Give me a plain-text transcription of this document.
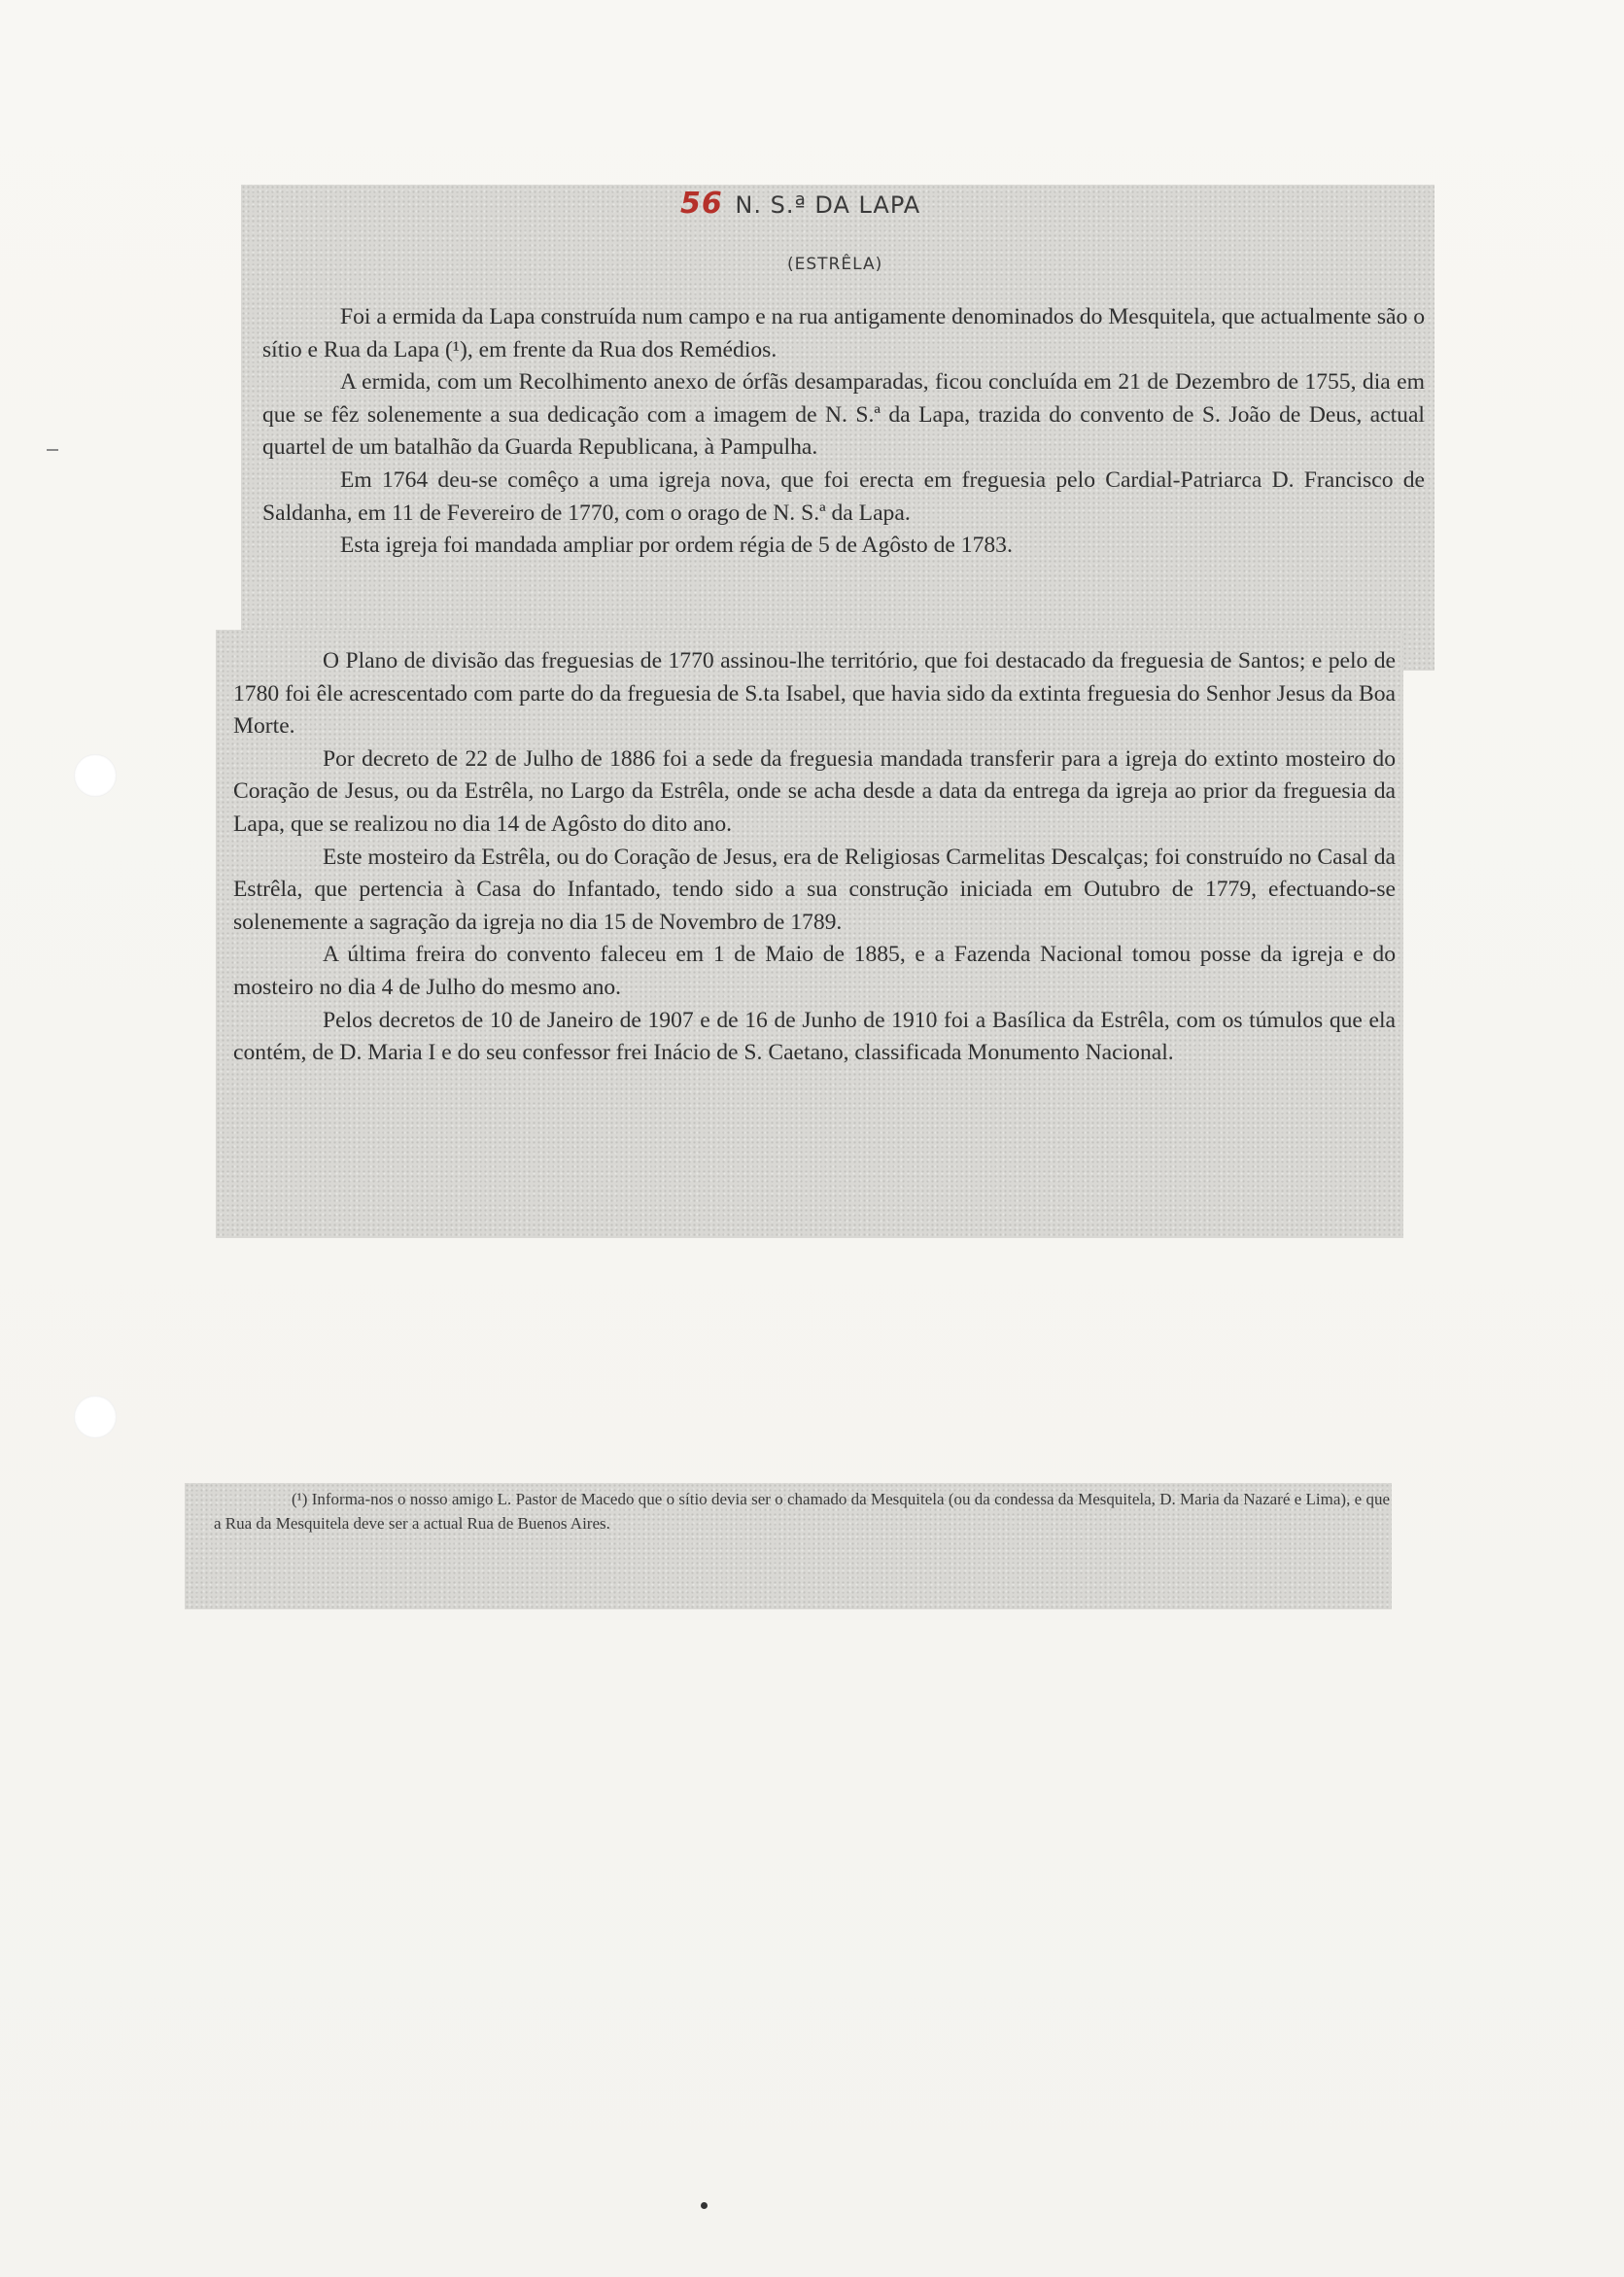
56 N. S.ª DA LAPA
(ESTRÊLA)

Foi a ermida da Lapa construída num campo e na rua antigamente denominados do Mesquitela, que actualmente são o sítio e Rua da Lapa (¹), em frente da Rua dos Remédios.

A ermida, com um Recolhimento anexo de órfãs desamparadas, ficou concluída em 21 de Dezembro de 1755, dia em que se fêz solenemente a sua dedicação com a imagem de N. S.ª da Lapa, trazida do convento de S. João de Deus, actual quartel de um batalhão da Guarda Republicana, à Pampulha.

Em 1764 deu-se comêço a uma igreja nova, que foi erecta em freguesia pelo Cardial-Patriarca D. Francisco de Saldanha, em 11 de Fevereiro de 1770, com o orago de N. S.ª da Lapa.

Esta igreja foi mandada ampliar por ordem régia de 5 de Agôsto de 1783.

O Plano de divisão das freguesias de 1770 assinou-lhe território, que foi destacado da freguesia de Santos; e pelo de 1780 foi êle acrescentado com parte do da freguesia de S.ta Isabel, que havia sido da extinta freguesia do Senhor Jesus da Boa Morte.

Por decreto de 22 de Julho de 1886 foi a sede da freguesia mandada transferir para a igreja do extinto mosteiro do Coração de Jesus, ou da Estrêla, no Largo da Estrêla, onde se acha desde a data da entrega da igreja ao prior da freguesia da Lapa, que se realizou no dia 14 de Agôsto do dito ano.

Este mosteiro da Estrêla, ou do Coração de Jesus, era de Religiosas Carmelitas Descalças; foi construído no Casal da Estrêla, que pertencia à Casa do Infantado, tendo sido a sua construção iniciada em Outubro de 1779, efectuando-se solenemente a sagração da igreja no dia 15 de Novembro de 1789.

A última freira do convento faleceu em 1 de Maio de 1885, e a Fazenda Nacional tomou posse da igreja e do mosteiro no dia 4 de Julho do mesmo ano.

Pelos decretos de 10 de Janeiro de 1907 e de 16 de Junho de 1910 foi a Basílica da Estrêla, com os túmulos que ela contém, de D. Maria I e do seu confessor frei Inácio de S. Caetano, classificada Monumento Nacional.

(¹) Informa-nos o nosso amigo L. Pastor de Macedo que o sítio devia ser o chamado da Mesquitela (ou da condessa da Mesquitela, D. Maria da Nazaré e Lima), e que a Rua da Mesquitela deve ser a actual Rua de Buenos Aires.
